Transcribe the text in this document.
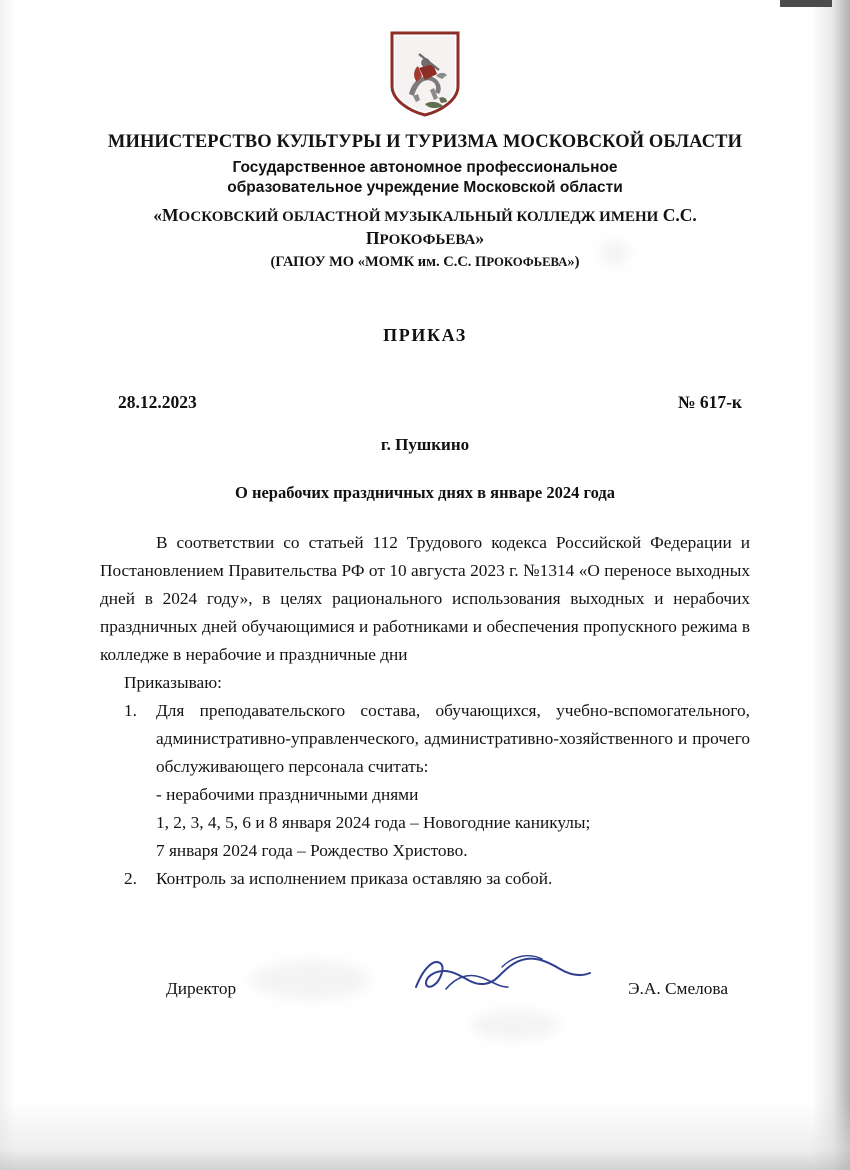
МИНИСТЕРСТВО КУЛЬТУРЫ И ТУРИЗМА МОСКОВСКОЙ ОБЛАСТИ
Государственное автономное профессиональное
образовательное учреждение Московской области
«МОСКОВСКИЙ ОБЛАСТНОЙ МУЗЫКАЛЬНЫЙ КОЛЛЕДЖ ИМЕНИ С.С.
ПРОКОФЬЕВА»
(ГАПОУ МО «МОМК им. С.С. ПРОКОФЬЕВА»)
ПРИКАЗ
28.12.2023	№ 617-к
г. Пушкино
О нерабочих праздничных днях в январе 2024 года

В соответствии со статьей 112 Трудового кодекса Российской Федерации и Постановлением Правительства РФ от 10 августа 2023 г. №1314 «О переносе выходных дней в 2024 году», в целях рационального использования выходных и нерабочих праздничных дней обучающимися и работниками и обеспечения пропускного режима в колледже в нерабочие и праздничные дни

Приказываю:

1. Для преподавательского состава, обучающихся, учебно-вспомогательного, административно-управленческого, административно-хозяйственного и прочего обслуживающего персонала считать:
- нерабочими праздничными днями
1, 2, 3, 4, 5, 6 и 8 января 2024 года – Новогодние каникулы;
7 января 2024 года – Рождество Христово.
2. Контроль за исполнением приказа оставляю за собой.
Директор	Э.А. Смелова
